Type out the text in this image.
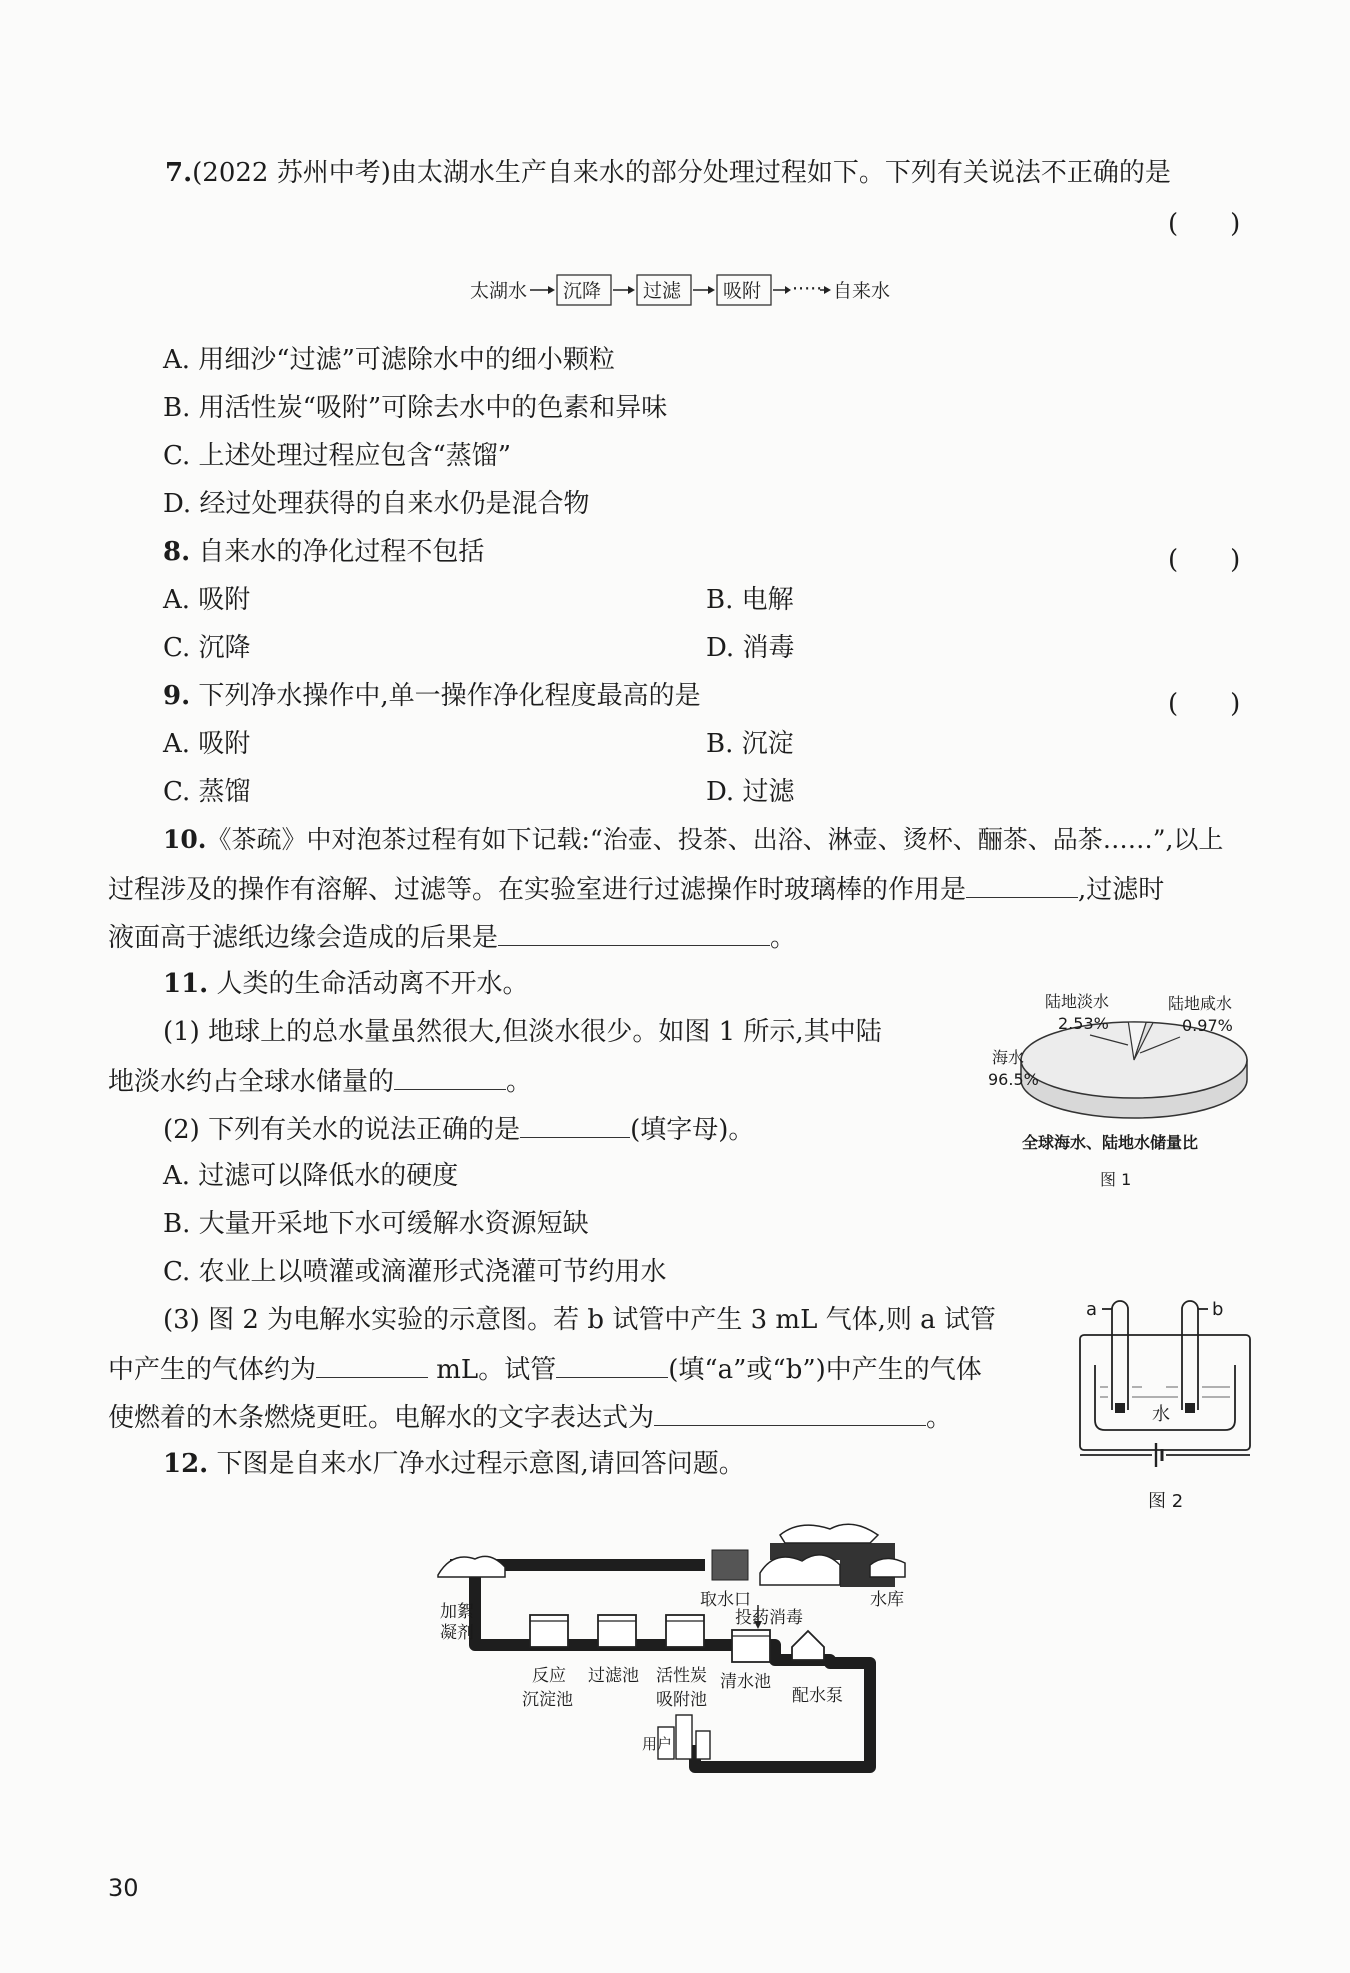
7.(2022 苏州中考)由太湖水生产自来水的部分处理过程如下。下列有关说法不正确的是
(　　)
太湖水 沉降 过滤 吸附 ····· 自来水
A. 用细沙“过滤”可滤除水中的细小颗粒
B. 用活性炭“吸附”可除去水中的色素和异味
C. 上述处理过程应包含“蒸馏”
D. 经过处理获得的自来水仍是混合物
8. 自来水的净化过程不包括	(　　)
A. 吸附	B. 电解
C. 沉降	D. 消毒
9. 下列净水操作中,单一操作净化程度最高的是	(　　)
A. 吸附	B. 沉淀
C. 蒸馏	D. 过滤
10.《茶疏》中对泡茶过程有如下记载:“治壶、投茶、出浴、淋壶、烫杯、酾茶、品茶……”,以上
过程涉及的操作有溶解、过滤等。在实验室进行过滤操作时玻璃棒的作用是	,过滤时
液面高于滤纸边缘会造成的后果是	。
11. 人类的生命活动离不开水。
(1) 地球上的总水量虽然很大,但淡水很少。如图 1 所示,其中陆
地淡水约占全球水储量的	。
(2) 下列有关水的说法正确的是	(填字母)。
A. 过滤可以降低水的硬度
B. 大量开采地下水可缓解水资源短缺
C. 农业上以喷灌或滴灌形式浇灌可节约用水
(3) 图 2 为电解水实验的示意图。若 b 试管中产生 3 mL 气体,则 a 试管
中产生的气体约为	mL。试管	(填“a”或“b”)中产生的气体
使燃着的木条燃烧更旺。电解水的文字表达式为	。
陆地淡水
2.53%
陆地咸水
0.97%
海水
96.5%
全球海水、陆地水储量比
图 1
a	b
水
图 2
12. 下图是自来水厂净水过程示意图,请回答问题。
取水口	水库
投药消毒
加絮
凝剂
反应
沉淀池
过滤池 活性炭
吸附池
清水池
配水泵
用户
30
